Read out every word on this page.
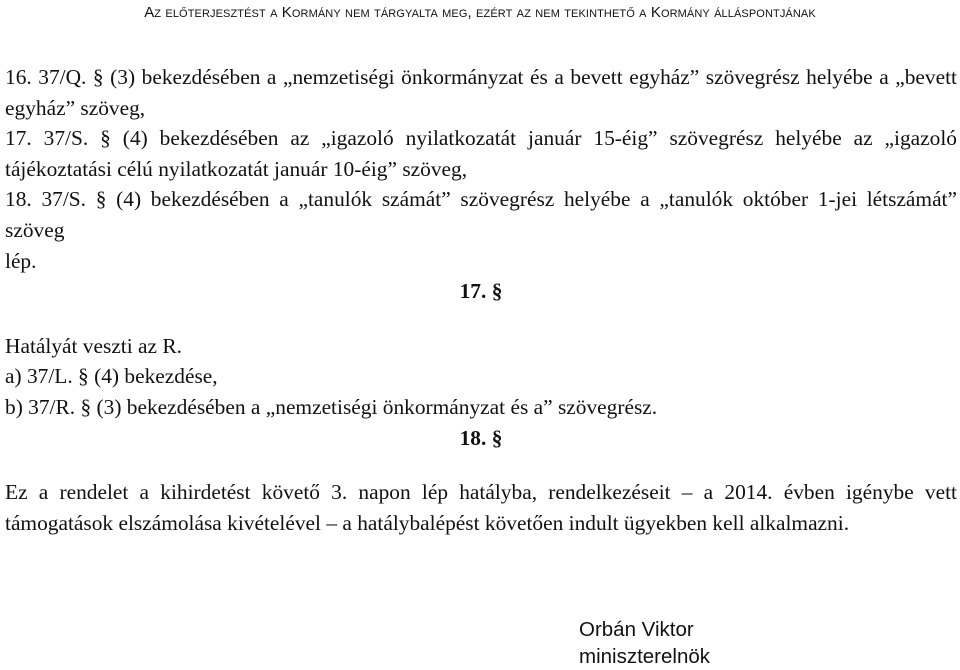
Az előterjesztést a Kormány nem tárgyalta meg, ezért az nem tekinthető a Kormány álláspontjának

16. 37/Q. § (3) bekezdésében a „nemzetiségi önkormányzat és a bevett egyház” szövegrész helyébe a „bevett egyház” szöveg,

17. 37/S. § (4) bekezdésében az „igazoló nyilatkozatát január 15-éig” szövegrész helyébe az „igazoló tájékoztatási célú nyilatkozatát január 10-éig” szöveg,

18. 37/S. § (4) bekezdésében a „tanulók számát” szövegrész helyébe a „tanulók október 1-jei létszámát” szöveg

lép.

17. §

Hatályát veszti az R.

a) 37/L. § (4) bekezdése,

b) 37/R. § (3) bekezdésében a „nemzetiségi önkormányzat és a” szövegrész.

18. §

Ez a rendelet a kihirdetést követő 3. napon lép hatályba, rendelkezéseit – a 2014. évben igénybe vett támogatások elszámolása kivételével – a hatálybalépést követően indult ügyekben kell alkalmazni.

Orbán Viktor
miniszterelnök
